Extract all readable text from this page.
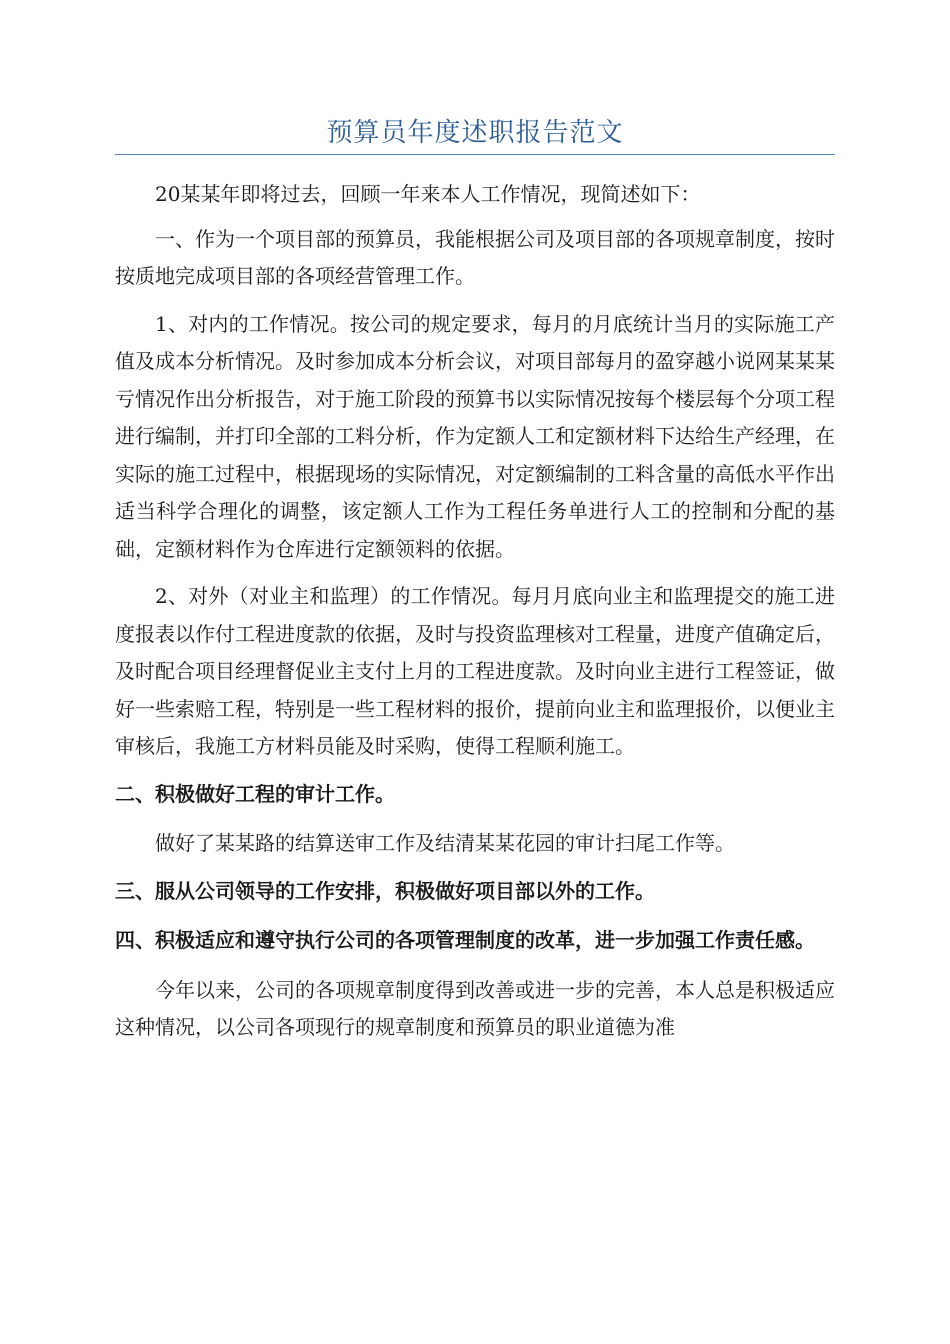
预算员年度述职报告范文

20某某年即将过去，回顾一年来本人工作情况，现简述如下：

一、作为一个项目部的预算员，我能根据公司及项目部的各项规章制度，按时按质地完成项目部的各项经营管理工作。

1、对内的工作情况。按公司的规定要求，每月的月底统计当月的实际施工产值及成本分析情况。及时参加成本分析会议，对项目部每月的盈穿越小说网某某某亏情况作出分析报告，对于施工阶段的预算书以实际情况按每个楼层每个分项工程进行编制，并打印全部的工料分析，作为定额人工和定额材料下达给生产经理，在实际的施工过程中，根据现场的实际情况，对定额编制的工料含量的高低水平作出适当科学合理化的调整，该定额人工作为工程任务单进行人工的控制和分配的基础，定额材料作为仓库进行定额领料的依据。

2、对外（对业主和监理）的工作情况。每月月底向业主和监理提交的施工进度报表以作付工程进度款的依据，及时与投资监理核对工程量，进度产值确定后，及时配合项目经理督促业主支付上月的工程进度款。及时向业主进行工程签证，做好一些索赔工程，特别是一些工程材料的报价，提前向业主和监理报价，以便业主审核后，我施工方材料员能及时采购，使得工程顺利施工。

二、积极做好工程的审计工作。

做好了某某路的结算送审工作及结清某某花园的审计扫尾工作等。

三、服从公司领导的工作安排，积极做好项目部以外的工作。

四、积极适应和遵守执行公司的各项管理制度的改革，进一步加强工作责任感。

今年以来，公司的各项规章制度得到改善或进一步的完善，本人总是积极适应这种情况，以公司各项现行的规章制度和预算员的职业道德为准
